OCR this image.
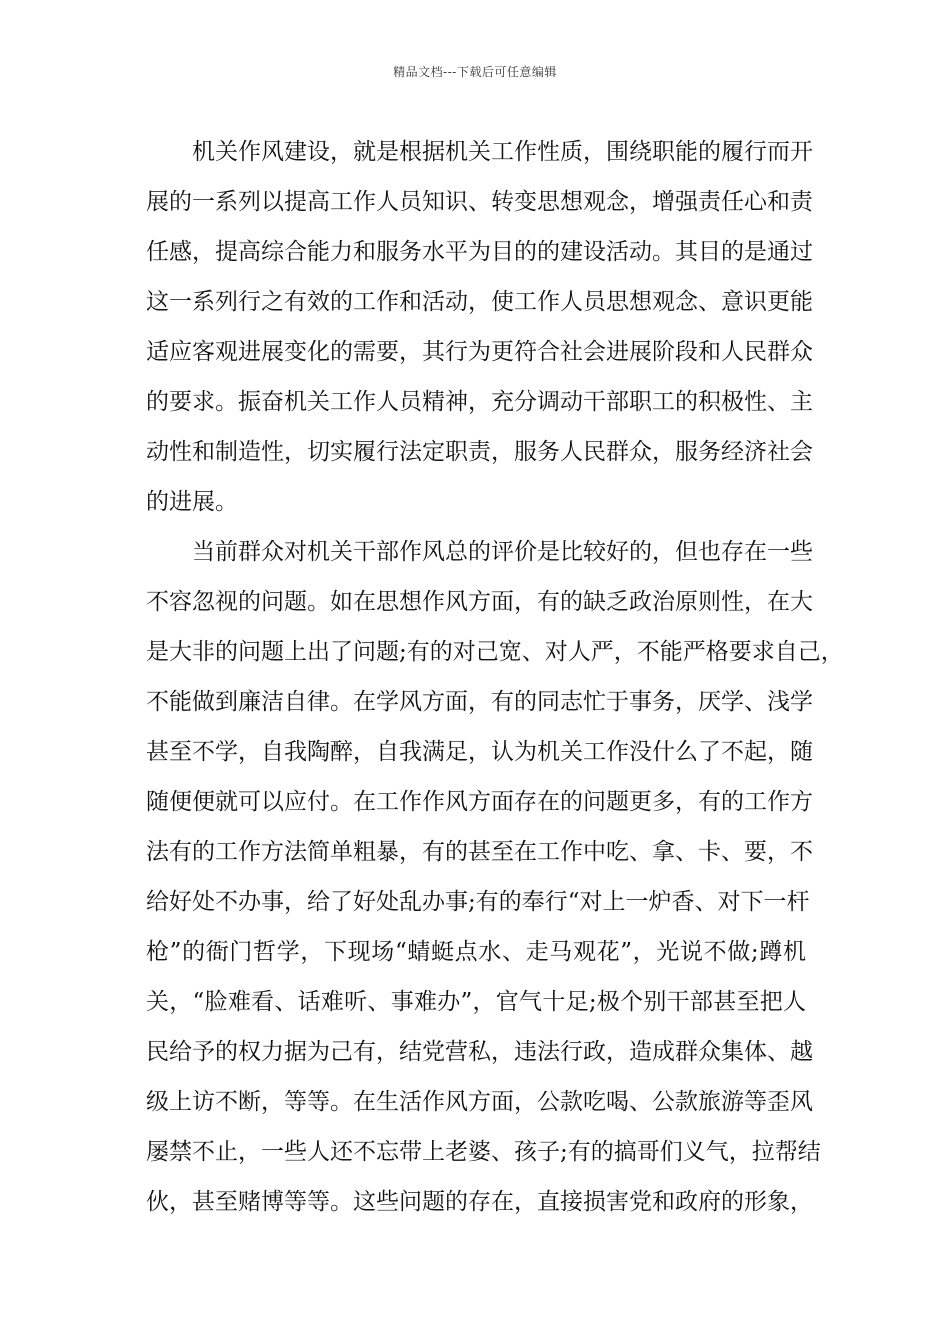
精品文档---下载后可任意编辑
机关作风建设，就是根据机关工作性质，围绕职能的履行而开
展的一系列以提高工作人员知识、转变思想观念，增强责任心和责
任感，提高综合能力和服务水平为目的的建设活动。其目的是通过
这一系列行之有效的工作和活动，使工作人员思想观念、意识更能
适应客观进展变化的需要，其行为更符合社会进展阶段和人民群众
的要求。振奋机关工作人员精神，充分调动干部职工的积极性、主
动性和制造性，切实履行法定职责，服务人民群众，服务经济社会
的进展。
当前群众对机关干部作风总的评价是比较好的，但也存在一些
不容忽视的问题。如在思想作风方面，有的缺乏政治原则性，在大
是大非的问题上出了问题;有的对己宽、对人严，不能严格要求自己，
不能做到廉洁自律。在学风方面，有的同志忙于事务，厌学、浅学
甚至不学，自我陶醉，自我满足，认为机关工作没什么了不起，随
随便便就可以应付。在工作作风方面存在的问题更多，有的工作方
法有的工作方法简单粗暴，有的甚至在工作中吃、拿、卡、要，不
给好处不办事，给了好处乱办事;有的奉行“对上一炉香、对下一杆
枪”的衙门哲学，下现场“蜻蜓点水、走马观花”，光说不做;蹲机
关，“脸难看、话难听、事难办”，官气十足;极个别干部甚至把人
民给予的权力据为己有，结党营私，违法行政，造成群众集体、越
级上访不断，等等。在生活作风方面，公款吃喝、公款旅游等歪风
屡禁不止，一些人还不忘带上老婆、孩子;有的搞哥们义气，拉帮结
伙，甚至赌博等等。这些问题的存在，直接损害党和政府的形象，
